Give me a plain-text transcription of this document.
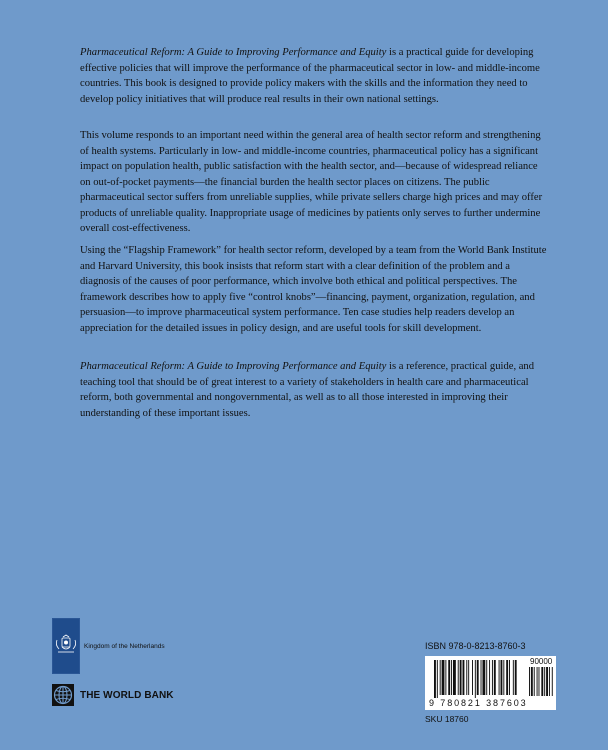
Pharmaceutical Reform: A Guide to Improving Performance and Equity is a practical guide for developing effective policies that will improve the performance of the pharmaceutical sector in low- and middle-income countries. This book is designed to provide policy makers with the skills and the information they need to develop policy initiatives that will produce real results in their own national settings.

This volume responds to an important need within the general area of health sector reform and strengthening of health systems. Particularly in low- and middle-income countries, pharmaceutical policy has a significant impact on population health, public satisfaction with the health sector, and—because of widespread reliance on out-of-pocket payments—the financial burden the health sector places on citizens. The public pharmaceutical sector suffers from unreliable supplies, while private sellers charge high prices and may offer products of unreliable quality. Inappropriate usage of medicines by patients only serves to further undermine overall cost-effectiveness.

Using the “Flagship Framework” for health sector reform, developed by a team from the World Bank Institute and Harvard University, this book insists that reform start with a clear definition of the problem and a diagnosis of the causes of poor performance, which involve both ethical and political perspectives. The framework describes how to apply five “control knobs”—financing, payment, organization, regulation, and persuasion—to improve pharmaceutical system performance. Ten case studies help readers develop an appreciation for the detailed issues in policy design, and are useful tools for skill development.

Pharmaceutical Reform: A Guide to Improving Performance and Equity is a reference, practical guide, and teaching tool that should be of great interest to a variety of stakeholders in health care and pharmaceutical reform, both governmental and nongovernmental, as well as to all those interested in improving their understanding of these important issues.

Kingdom of the Netherlands
THE WORLD BANK
ISBN 978-0-8213-8760-3
90000
9 780821 387603
SKU 18760
